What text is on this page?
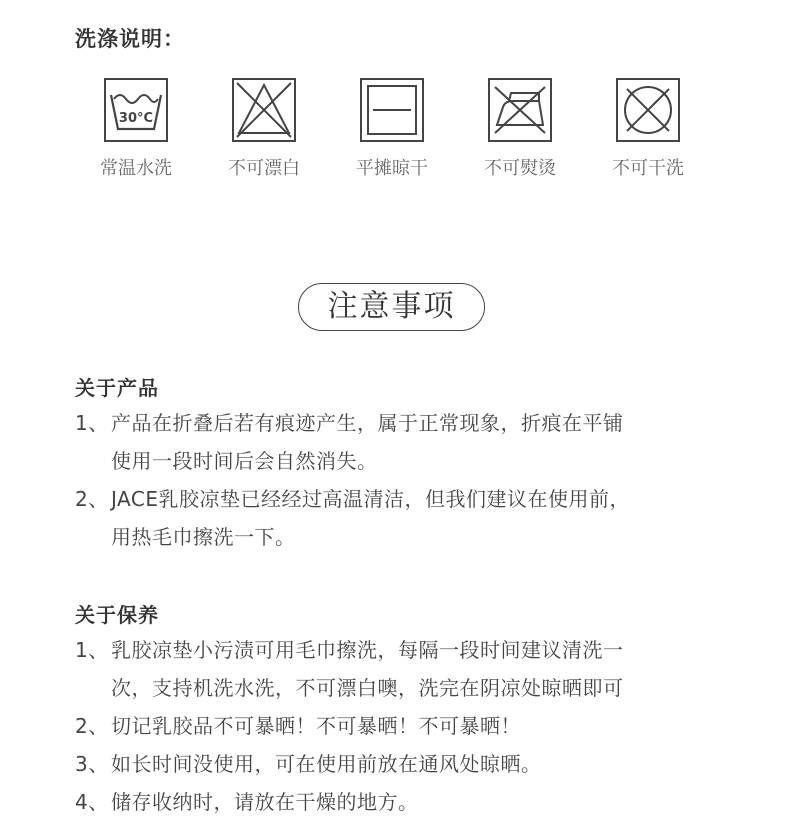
洗涤说明：
30°C
常温水洗	不可漂白	平摊晾干	不可熨烫	不可干洗
注意事项
关于产品
1、 产品在折叠后若有痕迹产生，属于正常现象，折痕在平铺
使用一段时间后会自然消失。
2、 JACE乳胶凉垫已经经过高温清洁，但我们建议在使用前，
用热毛巾擦洗一下。
关于保养
1、 乳胶凉垫小污渍可用毛巾擦洗，每隔一段时间建议清洗一
次，支持机洗水洗，不可漂白噢，洗完在阴凉处晾晒即可
2、 切记乳胶品不可暴晒！不可暴晒！不可暴晒！
3、 如长时间没使用，可在使用前放在通风处晾晒。
4、 储存收纳时，请放在干燥的地方。
